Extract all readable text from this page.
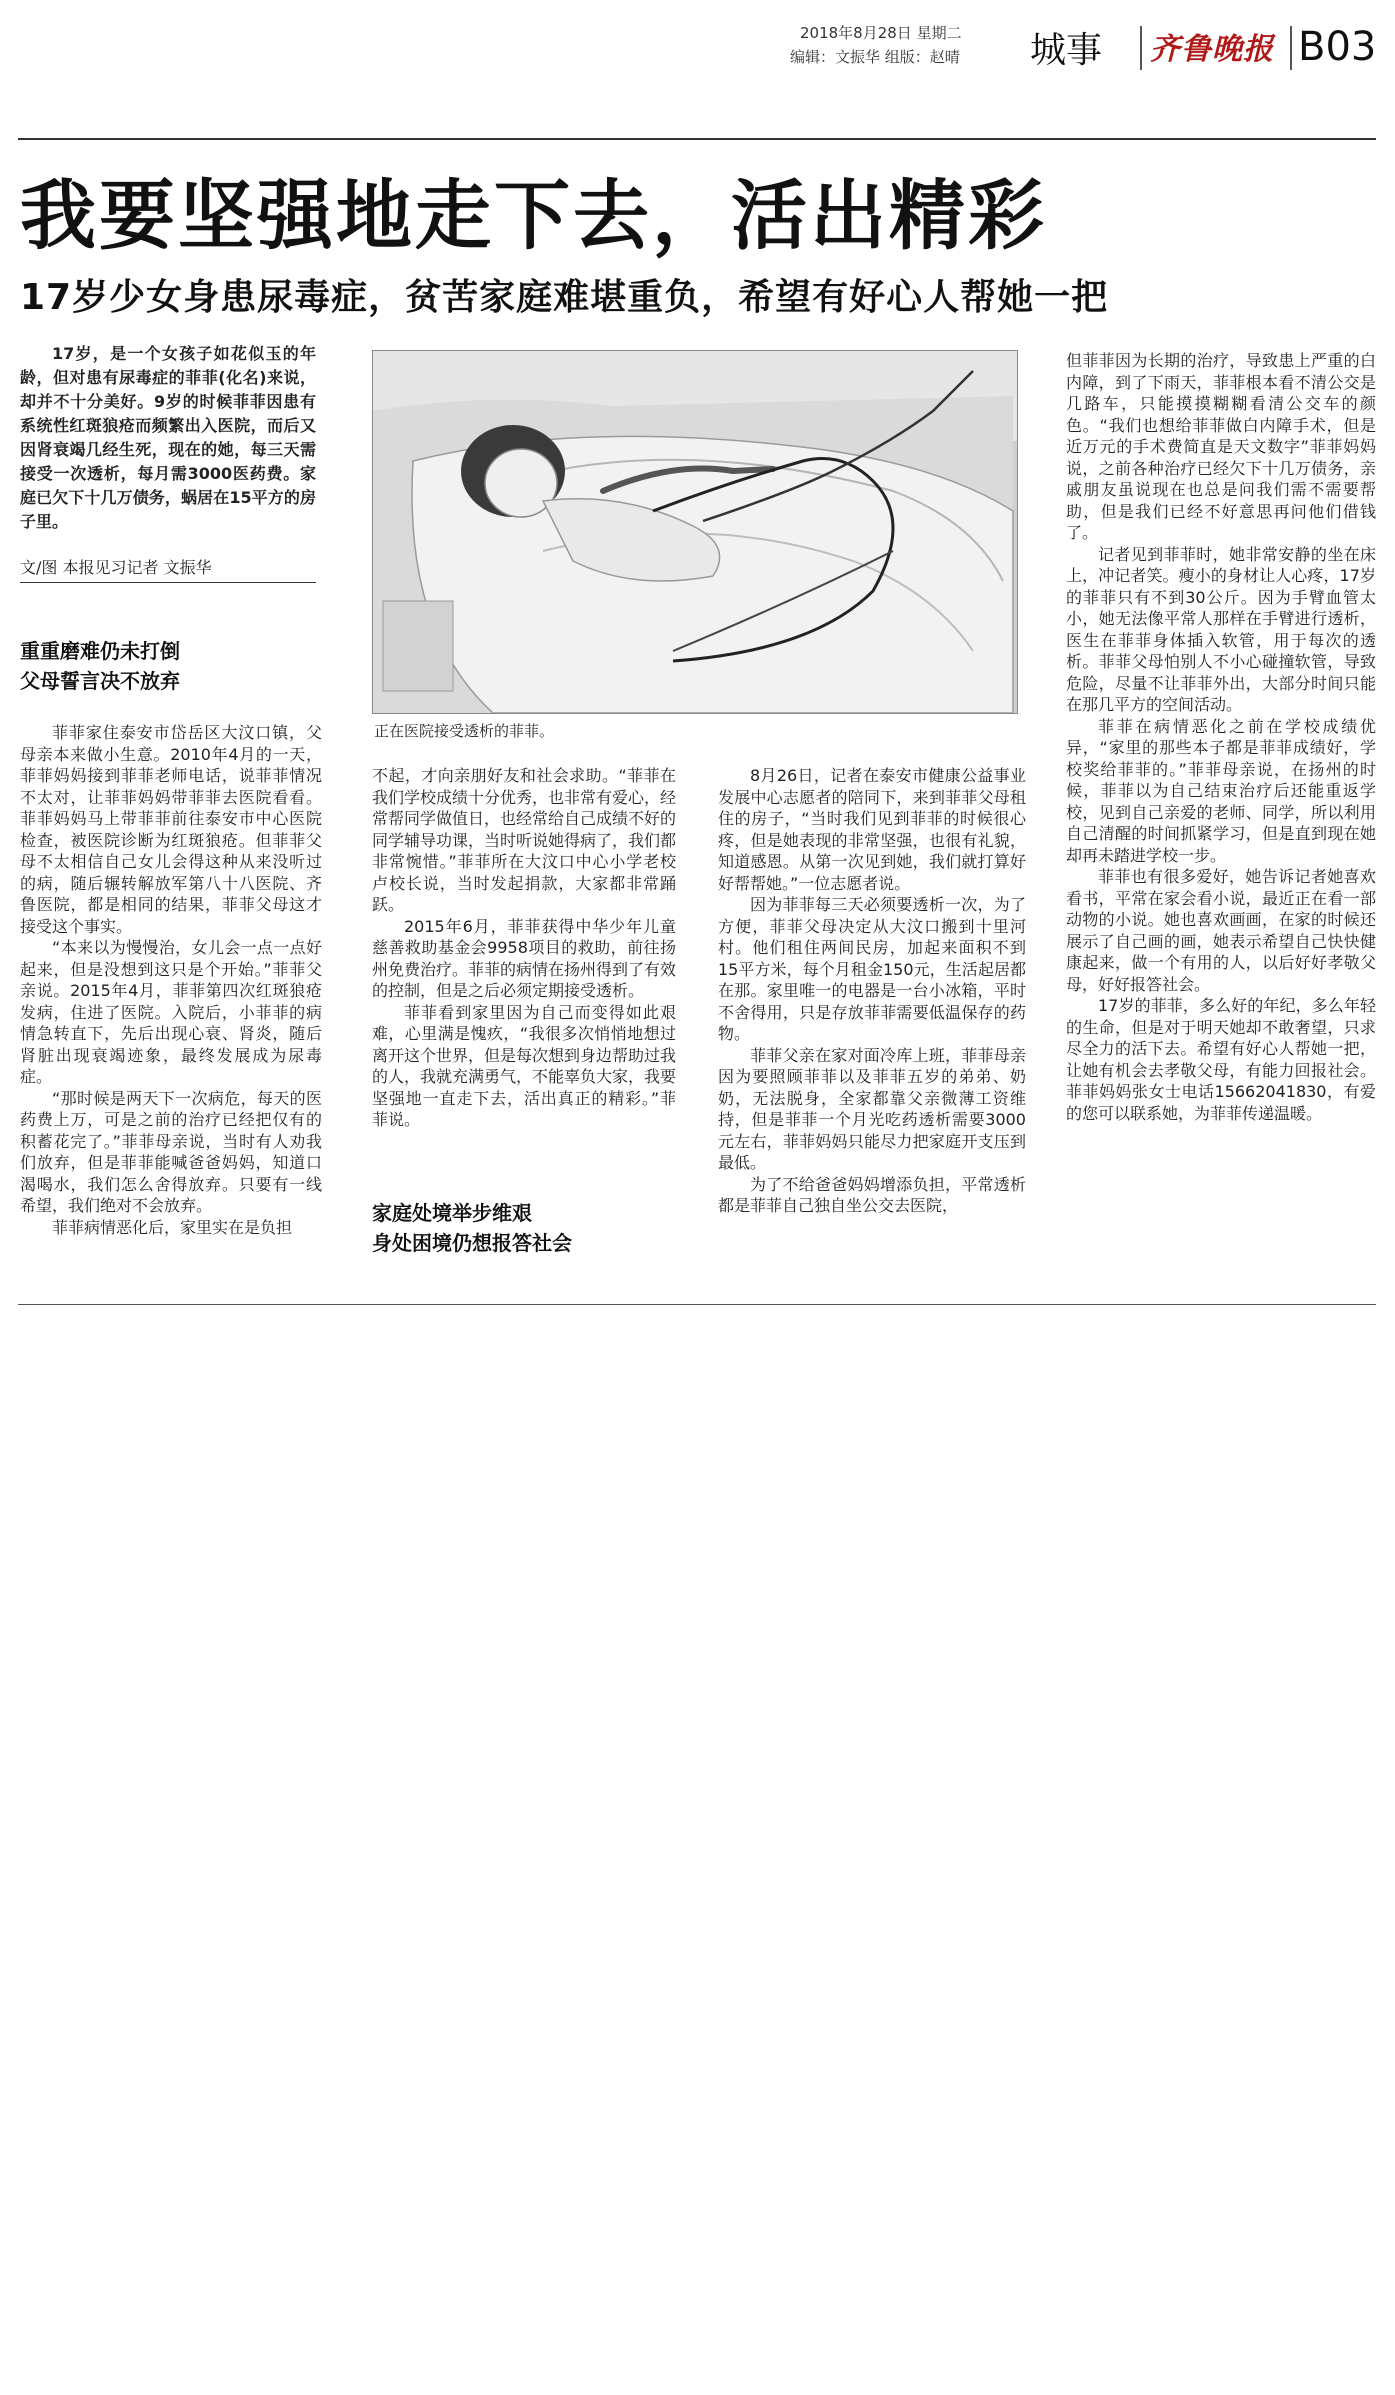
2018年8月28日 星期二
编辑：文振华 组版：赵晴 城事 齐鲁晚报 B03
我要坚强地走下去，活出精彩
17岁少女身患尿毒症，贫苦家庭难堪重负，希望有好心人帮她一把
17岁，是一个女孩子如花似玉的年龄，但对患有尿毒症的菲菲(化名)来说，却并不十分美好。9岁的时候菲菲因患有系统性红斑狼疮而频繁出入医院，而后又因肾衰竭几经生死，现在的她，每三天需接受一次透析，每月需3000医药费。家庭已欠下十几万债务，蜗居在15平方的房子里。
文/图 本报见习记者 文振华
重重磨难仍未打倒
父母誓言决不放弃
正在医院接受透析的菲菲。

菲菲家住泰安市岱岳区大汶口镇，父母亲本来做小生意。2010年4月的一天，菲菲妈妈接到菲菲老师电话，说菲菲情况不太对，让菲菲妈妈带菲菲去医院看看。菲菲妈妈马上带菲菲前往泰安市中心医院检查，被医院诊断为红斑狼疮。但菲菲父母不太相信自己女儿会得这种从来没听过的病，随后辗转解放军第八十八医院、齐鲁医院，都是相同的结果，菲菲父母这才接受这个事实。

“本来以为慢慢治，女儿会一点一点好起来，但是没想到这只是个开始。”菲菲父亲说。2015年4月，菲菲第四次红斑狼疮发病，住进了医院。入院后，小菲菲的病情急转直下，先后出现心衰、肾炎，随后肾脏出现衰竭迹象，最终发展成为尿毒症。

“那时候是两天下一次病危，每天的医药费上万，可是之前的治疗已经把仅有的积蓄花完了。”菲菲母亲说，当时有人劝我们放弃，但是菲菲能喊爸爸妈妈，知道口渴喝水，我们怎么舍得放弃。只要有一线希望，我们绝对不会放弃。

菲菲病情恶化后，家里实在是负担

不起，才向亲朋好友和社会求助。“菲菲在我们学校成绩十分优秀，也非常有爱心，经常帮同学做值日，也经常给自己成绩不好的同学辅导功课，当时听说她得病了，我们都非常惋惜。”菲菲所在大汶口中心小学老校卢校长说，当时发起捐款，大家都非常踊跃。

2015年6月，菲菲获得中华少年儿童慈善救助基金会9958项目的救助，前往扬州免费治疗。菲菲的病情在扬州得到了有效的控制，但是之后必须定期接受透析。

菲菲看到家里因为自己而变得如此艰难，心里满是愧疚，“我很多次悄悄地想过离开这个世界，但是每次想到身边帮助过我的人，我就充满勇气，不能辜负大家，我要坚强地一直走下去，活出真正的精彩。”菲菲说。

家庭处境举步维艰
身处困境仍想报答社会

8月26日，记者在泰安市健康公益事业发展中心志愿者的陪同下，来到菲菲父母租住的房子，“当时我们见到菲菲的时候很心疼，但是她表现的非常坚强，也很有礼貌，知道感恩。从第一次见到她，我们就打算好好帮帮她。”一位志愿者说。

因为菲菲每三天必须要透析一次，为了方便，菲菲父母决定从大汶口搬到十里河村。他们租住两间民房，加起来面积不到15平方米，每个月租金150元，生活起居都在那。家里唯一的电器是一台小冰箱，平时不舍得用，只是存放菲菲需要低温保存的药物。

菲菲父亲在家对面冷库上班，菲菲母亲因为要照顾菲菲以及菲菲五岁的弟弟、奶奶，无法脱身，全家都靠父亲微薄工资维持，但是菲菲一个月光吃药透析需要3000元左右，菲菲妈妈只能尽力把家庭开支压到最低。

为了不给爸爸妈妈增添负担，平常透析都是菲菲自己独自坐公交去医院，

但菲菲因为长期的治疗，导致患上严重的白内障，到了下雨天，菲菲根本看不清公交是几路车，只能摸摸糊糊看清公交车的颜色。“我们也想给菲菲做白内障手术，但是近万元的手术费简直是天文数字”菲菲妈妈说，之前各种治疗已经欠下十几万债务，亲戚朋友虽说现在也总是问我们需不需要帮助，但是我们已经不好意思再问他们借钱了。

记者见到菲菲时，她非常安静的坐在床上，冲记者笑。瘦小的身材让人心疼，17岁的菲菲只有不到30公斤。因为手臂血管太小，她无法像平常人那样在手臂进行透析，医生在菲菲身体插入软管，用于每次的透析。菲菲父母怕别人不小心碰撞软管，导致危险，尽量不让菲菲外出，大部分时间只能在那几平方的空间活动。

菲菲在病情恶化之前在学校成绩优异，“家里的那些本子都是菲菲成绩好，学校奖给菲菲的。”菲菲母亲说，在扬州的时候，菲菲以为自己结束治疗后还能重返学校，见到自己亲爱的老师、同学，所以利用自己清醒的时间抓紧学习，但是直到现在她却再未踏进学校一步。

菲菲也有很多爱好，她告诉记者她喜欢看书，平常在家会看小说，最近正在看一部动物的小说。她也喜欢画画，在家的时候还展示了自己画的画，她表示希望自己快快健康起来，做一个有用的人，以后好好孝敬父母，好好报答社会。

17岁的菲菲，多么好的年纪，多么年轻的生命，但是对于明天她却不敢奢望，只求尽全力的活下去。希望有好心人帮她一把，让她有机会去孝敬父母，有能力回报社会。菲菲妈妈张女士电话15662041830，有爱的您可以联系她，为菲菲传递温暖。
